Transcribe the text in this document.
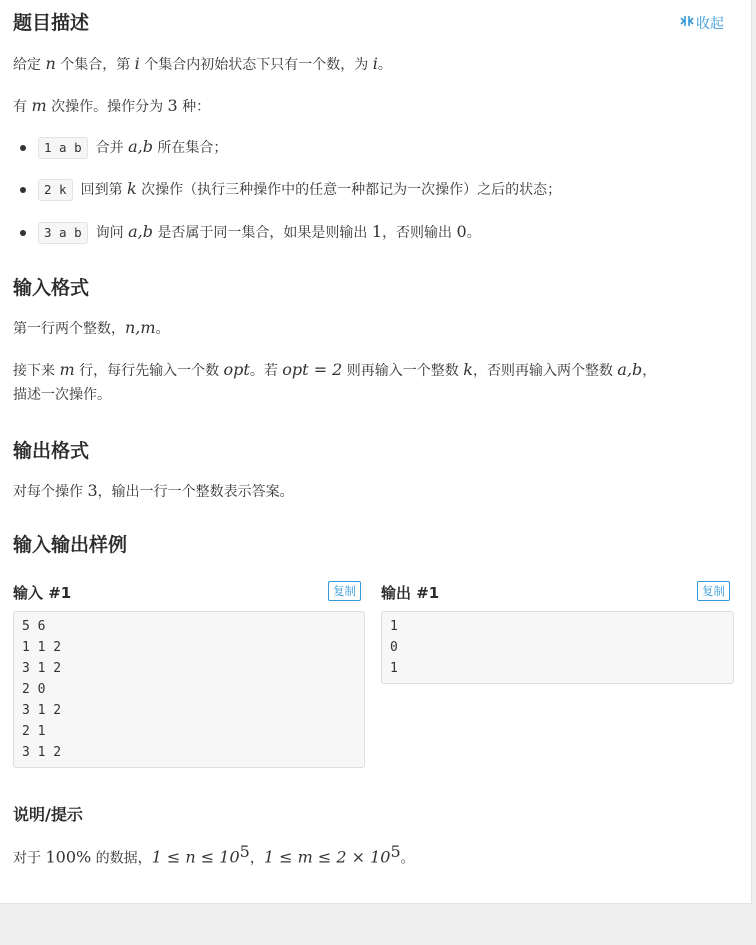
题目描述	收起
给定 n 个集合，第 i 个集合内初始状态下只有一个数，为 i。
有 m 次操作。操作分为 3 种：
1 a b 合并 a,b 所在集合；
2 k 回到第 k 次操作（执行三种操作中的任意一种都记为一次操作）之后的状态；
3 a b 询问 a,b 是否属于同一集合，如果是则输出 1，否则输出 0。
输入格式
第一行两个整数，n,m。
接下来 m 行，每行先输入一个数 opt。若 opt = 2 则再输入一个整数 k，否则再输入两个整数 a,b，
描述一次操作。
输出格式
对每个操作 3，输出一行一个整数表示答案。
输入输出样例
输入 #1	复制
5 6
1 1 2
3 1 2
2 0
3 1 2
2 1
3 1 2
输出 #1	复制
1
0
1
说明/提示
对于 100% 的数据，$1 \le n \le 10^5$，$1 \le m \le 2 \times 10^5$。
